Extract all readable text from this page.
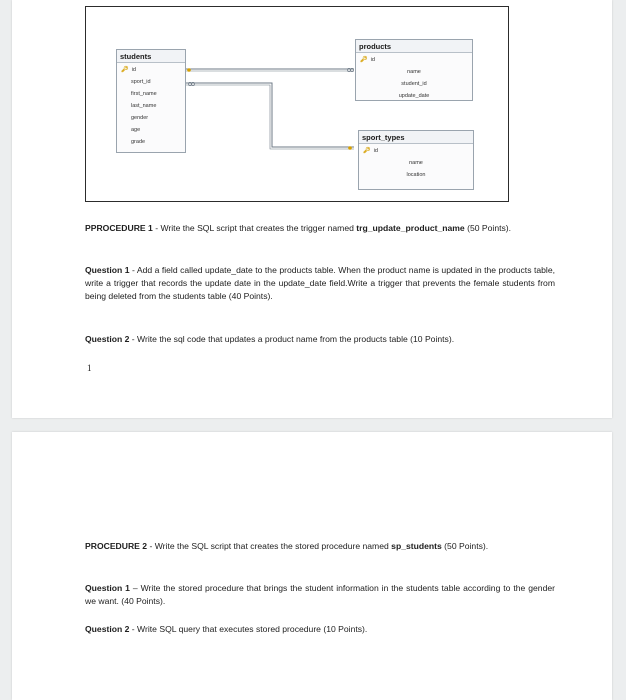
students
🔑︎ id
sport_id
first_name
last_name
gender
age
grade
products
🔑︎ id
name
student_id
update_date
sport_types
🔑︎ id
name
location
PPROCEDURE 1 - Write the SQL script that creates the trigger named trg_update_product_name (50 Points).
Question 1 - Add a field called update_date to the products table. When the product name is updated in the products table, write a trigger that records the update date in the update_date field.Write a trigger that prevents the female students from being deleted from the students table (40 Points).
Question 2 - Write the sql code that updates a product name from the products table (10 Points).
1
PROCEDURE 2 - Write the SQL script that creates the stored procedure named sp_students (50 Points).
Question 1 – Write the stored procedure that brings the student information in the students table according to the gender we want. (40 Points).
Question 2 - Write SQL query that executes stored procedure (10 Points).
